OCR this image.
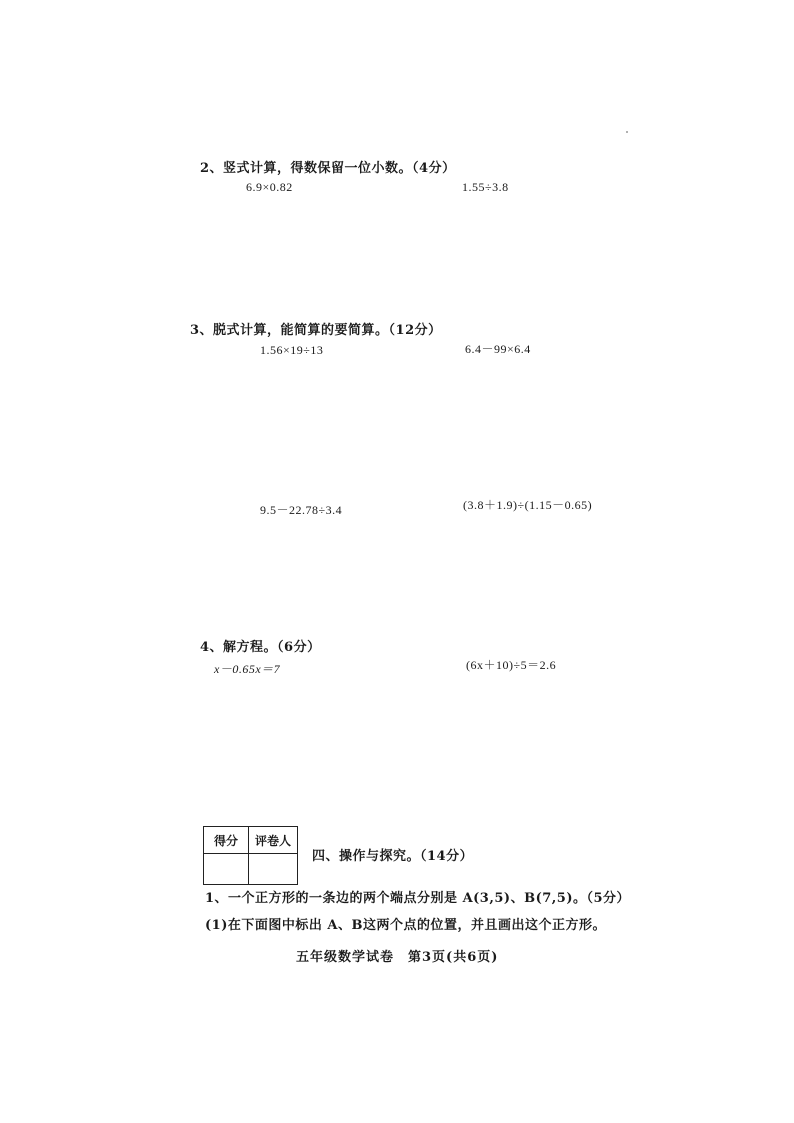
2、竖式计算，得数保留一位小数。（4分）
6.9×0.82	1.55÷3.8
3、脱式计算，能简算的要简算。（12分）
1.56×19÷13	6.4－99×6.4
9.5－22.78÷3.4	(3.8＋1.9)÷(1.15－0.65)
4、解方程。（6分）
x－0.65x＝7	(6x＋10)÷5＝2.6
得分	评卷人

四、操作与探究。（14分）
1、一个正方形的一条边的两个端点分别是 A(3,5)、B(7,5)。（5分）
(1)在下面图中标出 A、B这两个点的位置，并且画出这个正方形。
五年级数学试卷　第3页(共6页)
